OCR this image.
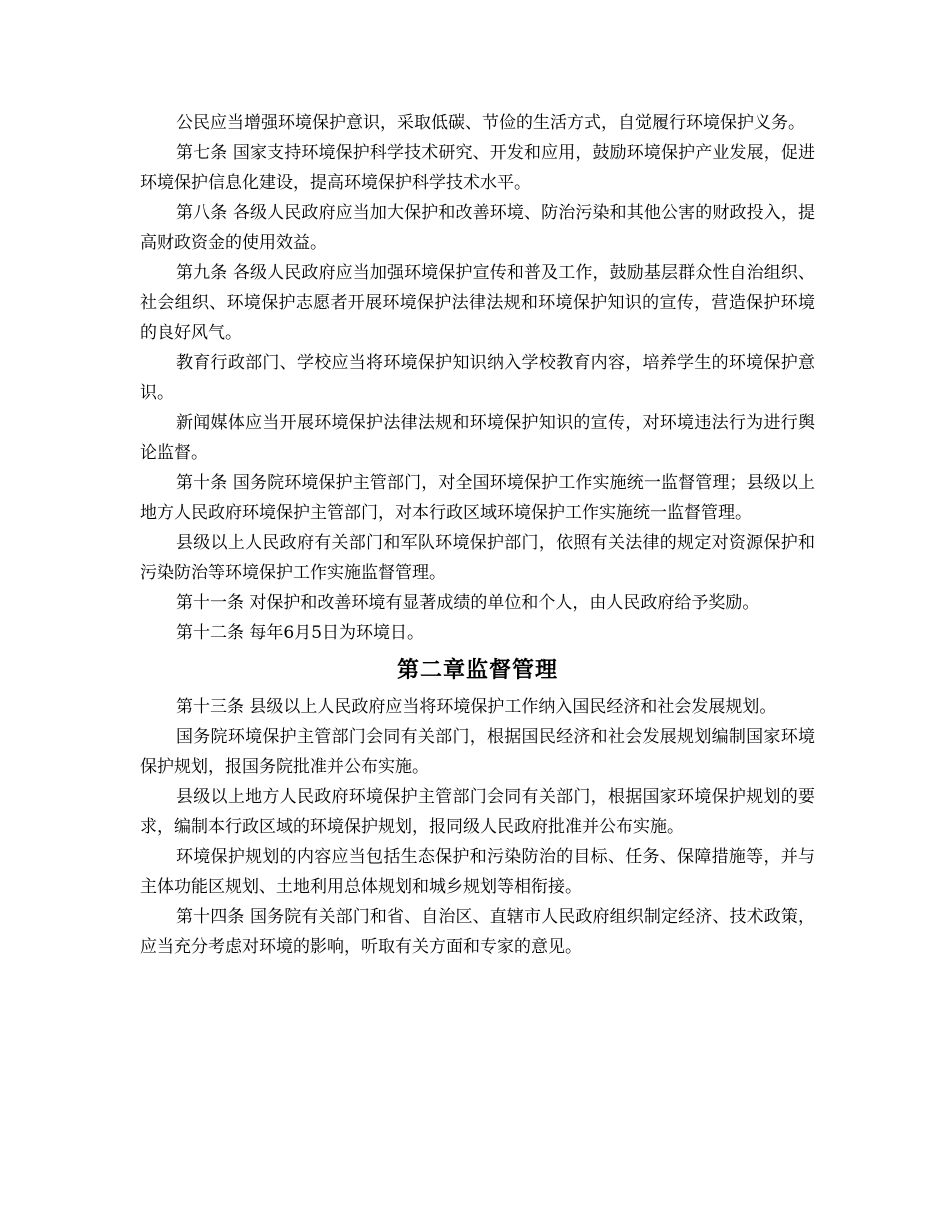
公民应当增强环境保护意识，采取低碳、节俭的生活方式，自觉履行环境保护义务。

第七条 国家支持环境保护科学技术研究、开发和应用，鼓励环境保护产业发展，促进环境保护信息化建设，提高环境保护科学技术水平。

第八条 各级人民政府应当加大保护和改善环境、防治污染和其他公害的财政投入，提高财政资金的使用效益。

第九条 各级人民政府应当加强环境保护宣传和普及工作，鼓励基层群众性自治组织、社会组织、环境保护志愿者开展环境保护法律法规和环境保护知识的宣传，营造保护环境的良好风气。

教育行政部门、学校应当将环境保护知识纳入学校教育内容，培养学生的环境保护意识。

新闻媒体应当开展环境保护法律法规和环境保护知识的宣传，对环境违法行为进行舆论监督。

第十条 国务院环境保护主管部门，对全国环境保护工作实施统一监督管理；县级以上地方人民政府环境保护主管部门，对本行政区域环境保护工作实施统一监督管理。

县级以上人民政府有关部门和军队环境保护部门，依照有关法律的规定对资源保护和污染防治等环境保护工作实施监督管理。

第十一条 对保护和改善环境有显著成绩的单位和个人，由人民政府给予奖励。

第十二条 每年6月5日为环境日。

第二章监督管理

第十三条 县级以上人民政府应当将环境保护工作纳入国民经济和社会发展规划。

国务院环境保护主管部门会同有关部门，根据国民经济和社会发展规划编制国家环境保护规划，报国务院批准并公布实施。

县级以上地方人民政府环境保护主管部门会同有关部门，根据国家环境保护规划的要求，编制本行政区域的环境保护规划，报同级人民政府批准并公布实施。

环境保护规划的内容应当包括生态保护和污染防治的目标、任务、保障措施等，并与主体功能区规划、土地利用总体规划和城乡规划等相衔接。

第十四条 国务院有关部门和省、自治区、直辖市人民政府组织制定经济、技术政策，应当充分考虑对环境的影响，听取有关方面和专家的意见。
